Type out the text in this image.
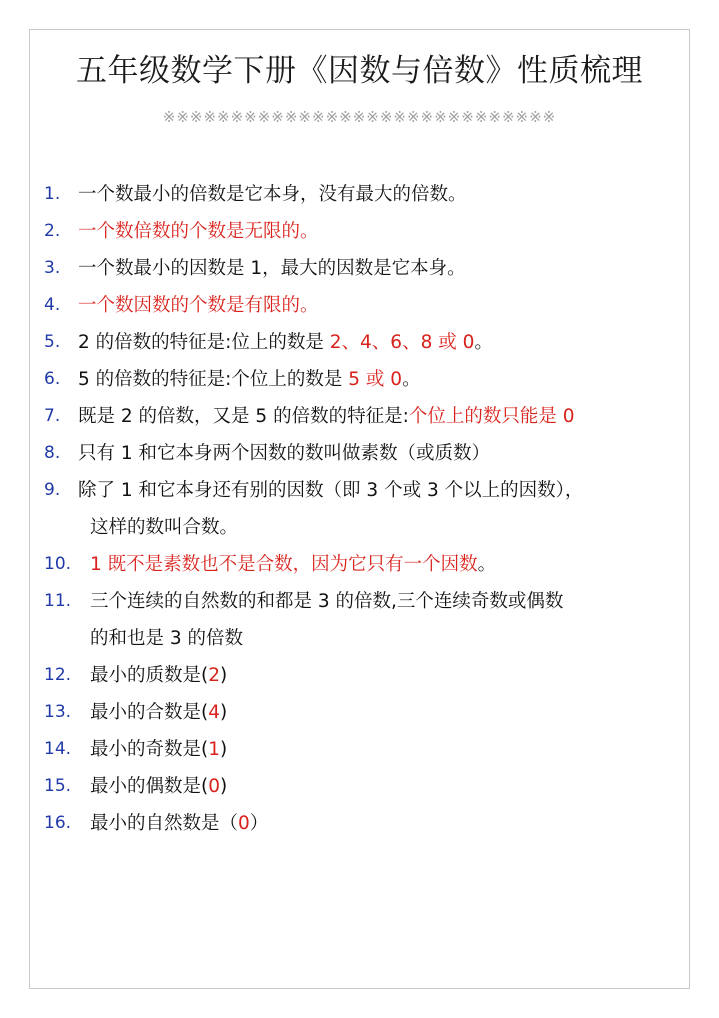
五年级数学下册《因数与倍数》性质梳理
※※※※※※※※※※※※※※※※※※※※※※※※※※※※※
1. 一个数最小的倍数是它本身，没有最大的倍数。
2. 一个数倍数的个数是无限的。
3. 一个数最小的因数是 1，最大的因数是它本身。
4. 一个数因数的个数是有限的。
5. 2 的倍数的特征是:位上的数是 2、4、6、8 或 0。
6. 5 的倍数的特征是:个位上的数是 5 或 0。
7. 既是 2 的倍数，又是 5 的倍数的特征是:个位上的数只能是 0
8. 只有 1 和它本身两个因数的数叫做素数（或质数）
9. 除了 1 和它本身还有别的因数（即 3 个或 3 个以上的因数），
这样的数叫合数。
10. 1 既不是素数也不是合数，因为它只有一个因数。
11. 三个连续的自然数的和都是 3 的倍数,三个连续奇数或偶数
的和也是 3 的倍数
12. 最小的质数是(2)
13. 最小的合数是(4)
14. 最小的奇数是(1)
15. 最小的偶数是(0)
16. 最小的自然数是（0）
